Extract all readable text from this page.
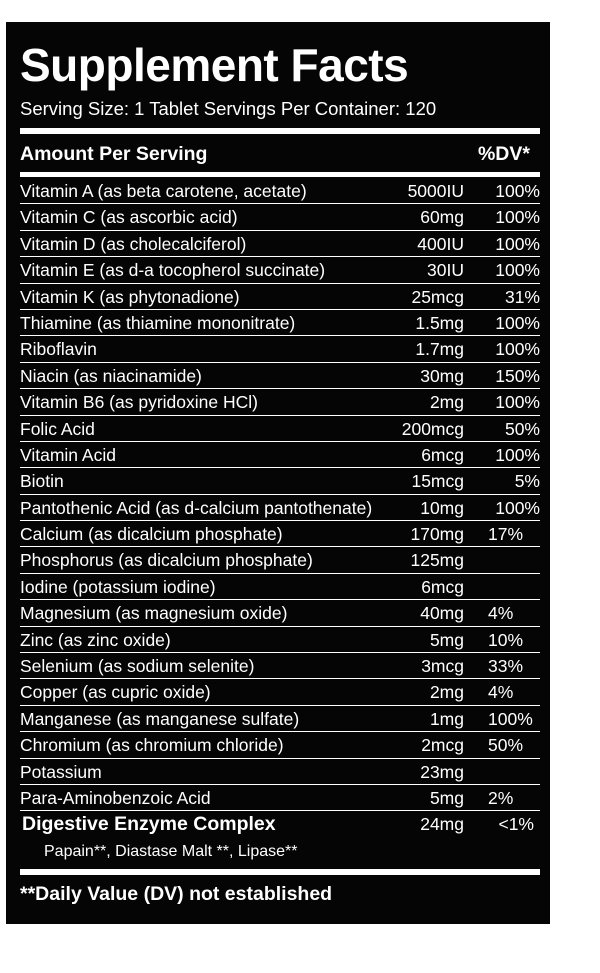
Supplement Facts
Serving Size: 1 Tablet Servings Per Container: 120
Amount Per Serving	%DV*
Vitamin A (as beta carotene, acetate)	5000IU 100%
Vitamin C (as ascorbic acid)	60mg 100%
Vitamin D (as cholecalciferol)	400IU 100%
Vitamin E (as d-a tocopherol succinate)	30IU 100%
Vitamin K (as phytonadione)	25mcg 31%
Thiamine (as thiamine mononitrate)	1.5mg 100%
Riboflavin	1.7mg 100%
Niacin (as niacinamide)	30mg 150%
Vitamin B6 (as pyridoxine HCl)	2mg 100%
Folic Acid	200mcg 50%
Vitamin Acid	6mcg 100%
Biotin	15mcg	5%
Pantothenic Acid (as d-calcium pantothenate)	10mg 100%
Calcium (as dicalcium phosphate)	170mg 17%
Phosphorus (as dicalcium phosphate)	125mg
Iodine (potassium iodine)	6mcg
Magnesium (as magnesium oxide)	40mg 4%
Zinc (as zinc oxide)	5mg 10%
Selenium (as sodium selenite)	3mcg 33%
Copper (as cupric oxide)	2mg 4%
Manganese (as manganese sulfate)	1mg 100%
Chromium (as chromium chloride)	2mcg 50%
Potassium	23mg
Para-Aminobenzoic Acid	5mg 2%
Digestive Enzyme Complex	24mg <1%
Papain**, Diastase Malt **, Lipase**
**Daily Value (DV) not established
